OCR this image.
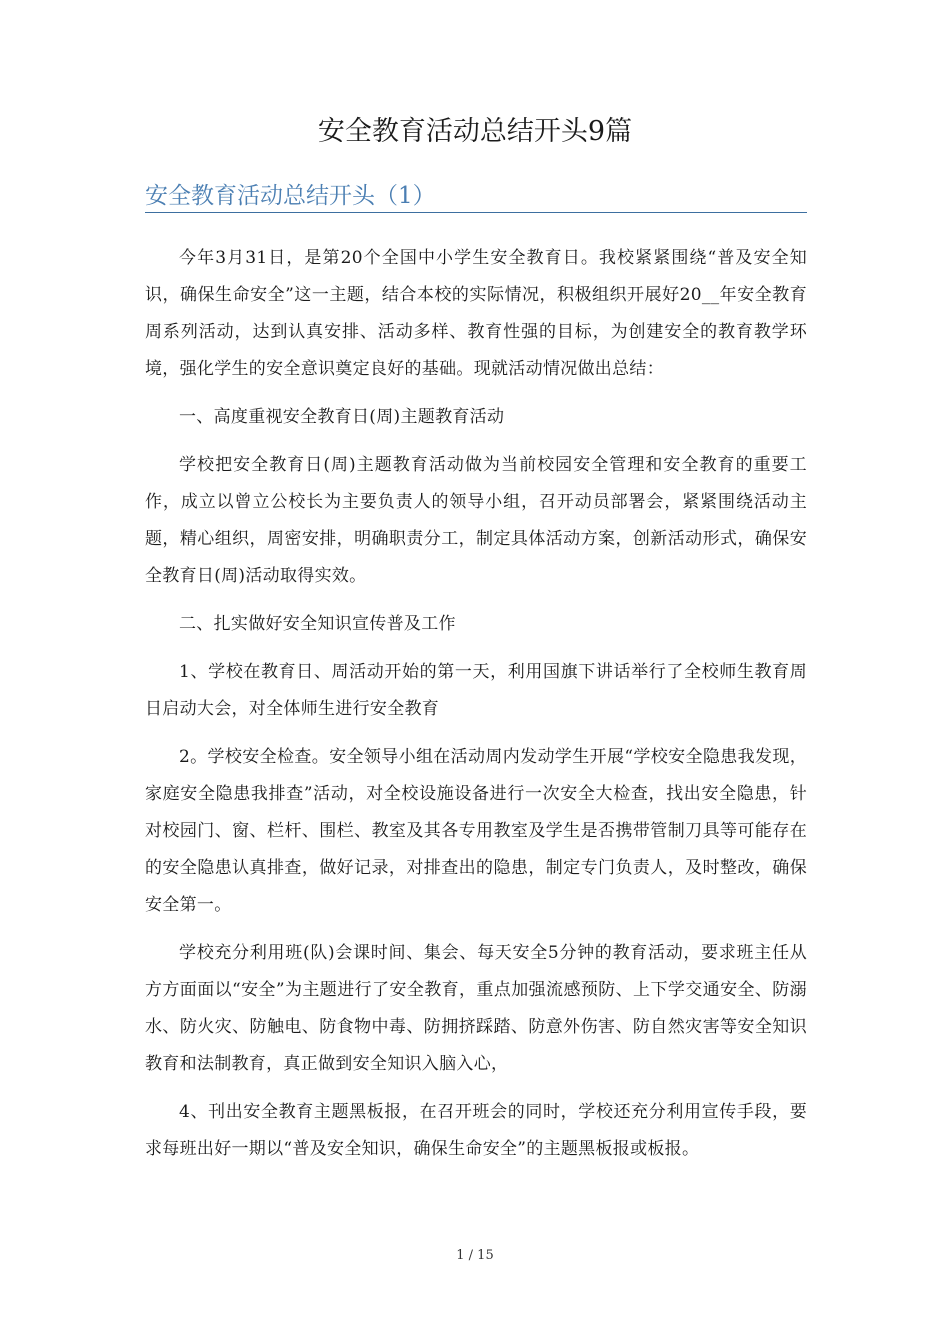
安全教育活动总结开头9篇
安全教育活动总结开头（1）

今年3月31日，是第20个全国中小学生安全教育日。我校紧紧围绕“普及安全知识，确保生命安全”这一主题，结合本校的实际情况，积极组织开展好20__年安全教育周系列活动，达到认真安排、活动多样、教育性强的目标，为创建安全的教育教学环境，强化学生的安全意识奠定良好的基础。现就活动情况做出总结：

一、高度重视安全教育日(周)主题教育活动

学校把安全教育日(周)主题教育活动做为当前校园安全管理和安全教育的重要工作，成立以曾立公校长为主要负责人的领导小组，召开动员部署会，紧紧围绕活动主题，精心组织，周密安排，明确职责分工，制定具体活动方案，创新活动形式，确保安全教育日(周)活动取得实效。

二、扎实做好安全知识宣传普及工作

1、学校在教育日、周活动开始的第一天，利用国旗下讲话举行了全校师生教育周日启动大会，对全体师生进行安全教育

2。学校安全检查。安全领导小组在活动周内发动学生开展“学校安全隐患我发现，家庭安全隐患我排查”活动，对全校设施设备进行一次安全大检查，找出安全隐患，针对校园门、窗、栏杆、围栏、教室及其各专用教室及学生是否携带管制刀具等可能存在的安全隐患认真排查，做好记录，对排查出的隐患，制定专门负责人，及时整改，确保安全第一。

学校充分利用班(队)会课时间、集会、每天安全5分钟的教育活动，要求班主任从方方面面以“安全”为主题进行了安全教育，重点加强流感预防、上下学交通安全、防溺水、防火灾、防触电、防食物中毒、防拥挤踩踏、防意外伤害、防自然灾害等安全知识教育和法制教育，真正做到安全知识入脑入心，

4、刊出安全教育主题黑板报，在召开班会的同时，学校还充分利用宣传手段，要求每班出好一期以“普及安全知识，确保生命安全”的主题黑板报或板报。

1 / 15
